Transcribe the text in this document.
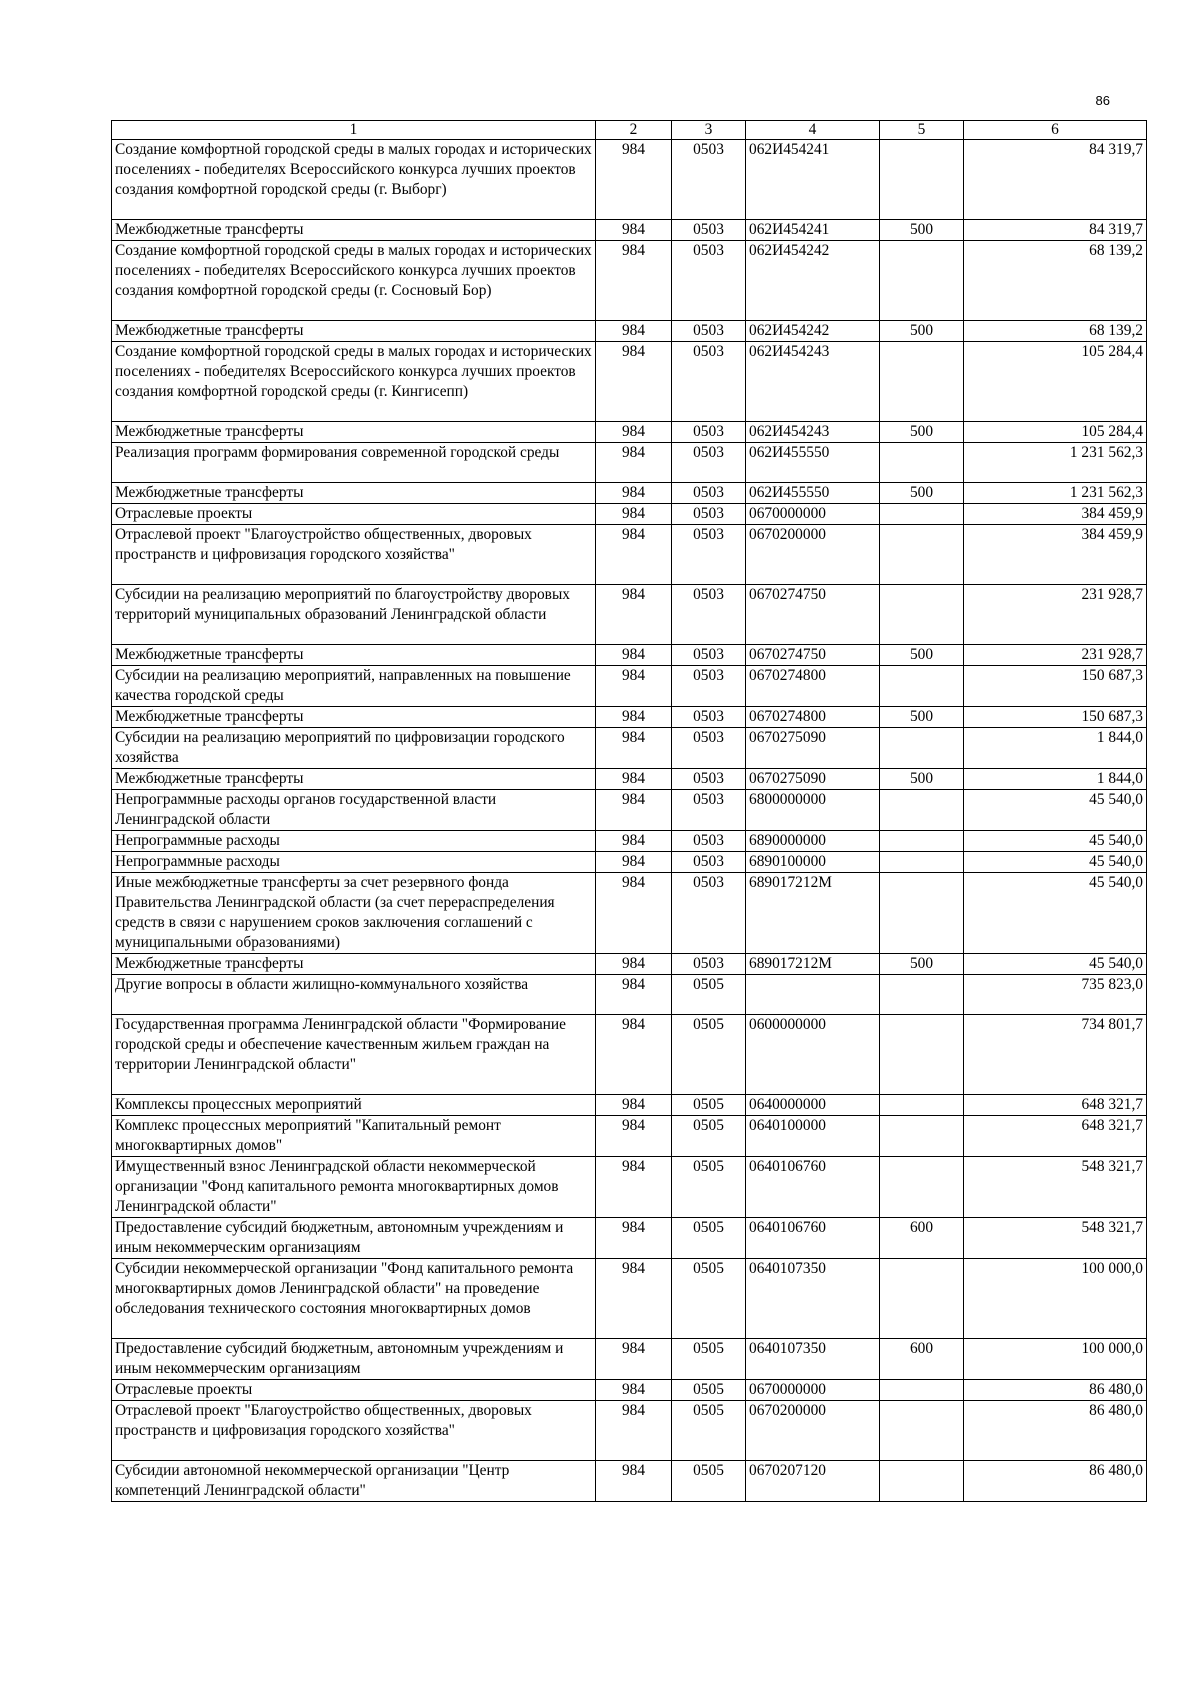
86
1	2	3	4	5	6
Создание комфортной городской среды в малых городах и исторических поселениях - победителях Всероссийского конкурса лучших проектов создания комфортной городской среды (г. Выборг)	984	0503	062И454241		84 319,7
Межбюджетные трансферты	984	0503	062И454241	500	84 319,7
Создание комфортной городской среды в малых городах и исторических поселениях - победителях Всероссийского конкурса лучших проектов создания комфортной городской среды (г. Сосновый Бор)	984	0503	062И454242		68 139,2
Межбюджетные трансферты	984	0503	062И454242	500	68 139,2
Создание комфортной городской среды в малых городах и исторических поселениях - победителях Всероссийского конкурса лучших проектов создания комфортной городской среды (г. Кингисепп)	984	0503	062И454243		105 284,4
Межбюджетные трансферты	984	0503	062И454243	500	105 284,4
Реализация программ формирования современной городской среды	984	0503	062И455550		1 231 562,3
Межбюджетные трансферты	984	0503	062И455550	500	1 231 562,3
Отраслевые проекты	984	0503	0670000000		384 459,9
Отраслевой проект "Благоустройство общественных, дворовых пространств и цифровизация городского хозяйства"	984	0503	0670200000		384 459,9
Субсидии на реализацию мероприятий по благоустройству дворовых территорий муниципальных образований Ленинградской области	984	0503	0670274750		231 928,7
Межбюджетные трансферты	984	0503	0670274750	500	231 928,7
Субсидии на реализацию мероприятий, направленных на повышение качества городской среды	984	0503	0670274800		150 687,3
Межбюджетные трансферты	984	0503	0670274800	500	150 687,3
Субсидии на реализацию мероприятий по цифровизации городского хозяйства	984	0503	0670275090		1 844,0
Межбюджетные трансферты	984	0503	0670275090	500	1 844,0
Непрограммные расходы органов государственной власти Ленинградской области	984	0503	6800000000		45 540,0
Непрограммные расходы	984	0503	6890000000		45 540,0
Непрограммные расходы	984	0503	6890100000		45 540,0
Иные межбюджетные трансферты за счет резервного фонда Правительства Ленинградской области (за счет перераспределения средств в связи с нарушением сроков заключения соглашений с муниципальными образованиями)	984	0503	689017212М		45 540,0
Межбюджетные трансферты	984	0503	689017212М	500	45 540,0
Другие вопросы в области жилищно-коммунального хозяйства	984	0505			735 823,0
Государственная программа Ленинградской области "Формирование городской среды и обеспечение качественным жильем граждан на территории Ленинградской области"	984	0505	0600000000		734 801,7
Комплексы процессных мероприятий	984	0505	0640000000		648 321,7
Комплекс процессных мероприятий "Капитальный ремонт многоквартирных домов"	984	0505	0640100000		648 321,7
Имущественный взнос Ленинградской области некоммерческой организации "Фонд капитального ремонта многоквартирных домов Ленинградской области"	984	0505	0640106760		548 321,7
Предоставление субсидий бюджетным, автономным учреждениям и иным некоммерческим организациям	984	0505	0640106760	600	548 321,7
Субсидии некоммерческой организации "Фонд капитального ремонта многоквартирных домов Ленинградской области" на проведение обследования технического состояния многоквартирных домов	984	0505	0640107350		100 000,0
Предоставление субсидий бюджетным, автономным учреждениям и иным некоммерческим организациям	984	0505	0640107350	600	100 000,0
Отраслевые проекты	984	0505	0670000000		86 480,0
Отраслевой проект "Благоустройство общественных, дворовых пространств и цифровизация городского хозяйства"	984	0505	0670200000		86 480,0
Субсидии автономной некоммерческой организации "Центр компетенций Ленинградской области"	984	0505	0670207120		86 480,0
